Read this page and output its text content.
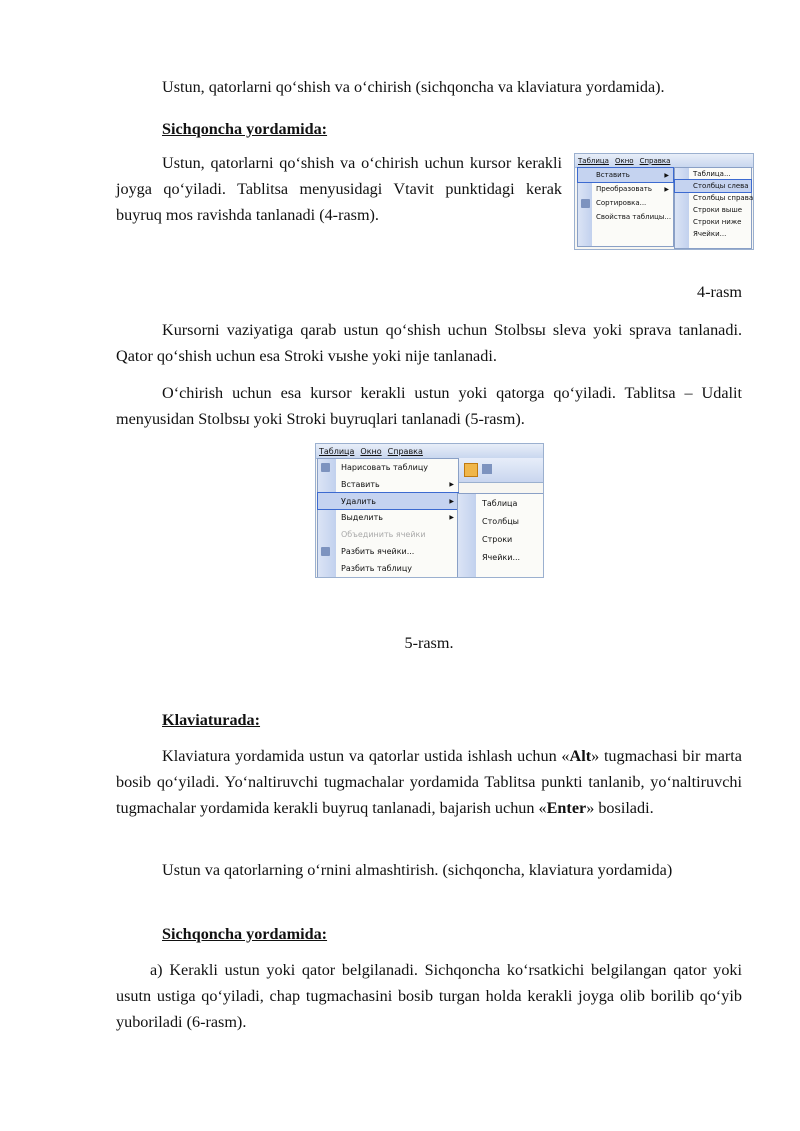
Ustun, qatorlarni qo‘shish va o‘chirish (sichqoncha va klaviatura yordamida).

Sichqoncha yordamida:

Ustun, qatorlarni qo‘shish va o‘chirish uchun kursor kerakli joyga qo‘yiladi. Tablitsa menyusidagi Vtavit punktidagi kerak buyruq mos ravishda tanlanadi (4-rasm).

Таблица Окно Справка
Вставить	▶
Преобразовать ▶
Сортировка...
Свойства таблицы...
Таблица...
Столбцы слева
Столбцы справа
Строки выше
Строки ниже
Ячейки...

4-rasm

Kursorni vaziyatiga qarab ustun qo‘shish uchun Stolbsы sleva yoki sprava tanlanadi. Qator qo‘shish uchun esa Stroki vыshe yoki nije tanlanadi.

O‘chirish uchun esa kursor kerakli ustun yoki qatorga qo‘yiladi. Tablitsa – Udalit menyusidan Stolbsы yoki Stroki buyruqlari tanlanadi (5-rasm).

Таблица Окно Справка
Нарисовать таблицу
Вставить	▶
Удалить	▶
Выделить	▶
Объединить ячейки
Разбить ячейки...
Разбить таблицу
Таблица
Столбцы
Строки
Ячейки...

5-rasm.

Klaviaturada:

Klaviatura yordamida ustun va qatorlar ustida ishlash uchun «Alt» tugmachasi bir marta bosib qo‘yiladi. Yo‘naltiruvchi tugmachalar yordamida Tablitsa punkti tanlanib, yo‘naltiruvchi tugmachalar yordamida kerakli buyruq tanlanadi, bajarish uchun «Enter» bosiladi.

Ustun va qatorlarning o‘rnini almashtirish. (sichqoncha, klaviatura yordamida)

Sichqoncha yordamida:

a) Kerakli ustun yoki qator belgilanadi. Sichqoncha ko‘rsatkichi belgilangan qator yoki usutn ustiga qo‘yiladi, chap tugmachasini bosib turgan holda kerakli joyga olib borilib qo‘yib yuboriladi (6-rasm).
